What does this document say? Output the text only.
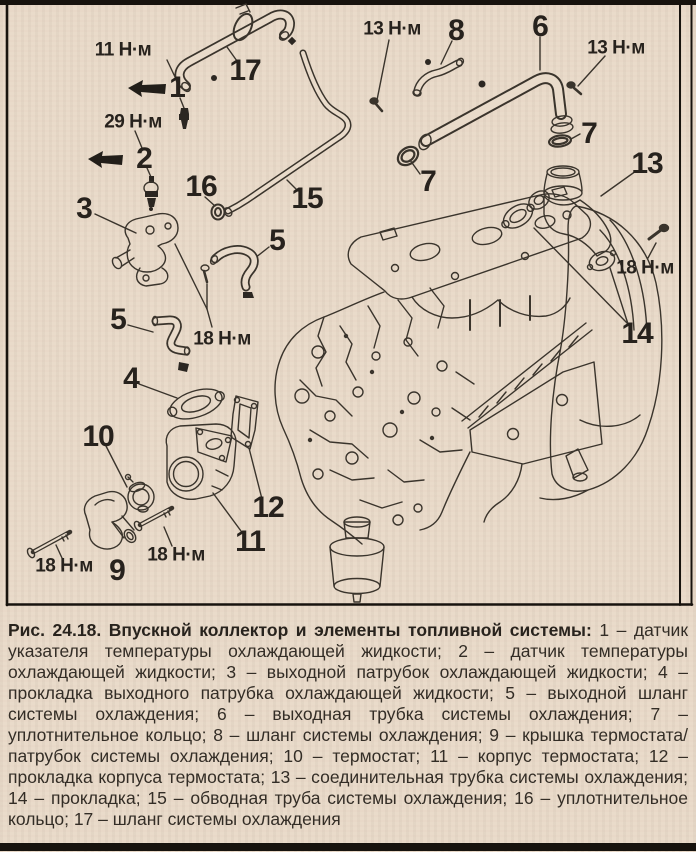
11 Н·м
1
29 Н·м
2
17
16 15
3
13 Н·м 8 6
13 Н·м
7
7
13
5
5
18 Н·м
4
18 Н·м
14
10
12
11
9
18 Н·м
18 Н·м
Рис. 24.18. Впускной коллектор и элементы топливной системы: 1 – датчик указателя температуры охлаждающей жидкости; 2 – датчик температуры охлаждающей жидкости; 3 – выходной патрубок охлаждающей жидкости; 4 – прокладка выходного патрубка охлаждающей жидкости; 5 – выходной шланг системы охлаждения; 6 – выходная трубка системы охлаждения; 7 – уплотнительное кольцо; 8 – шланг системы охлаждения; 9 – крышка термостата/патрубок системы охлаждения; 10 – термостат; 11 – корпус термостата; 12 – прокладка корпуса термостата; 13 – соединительная трубка системы охлаждения; 14 – прокладка; 15 – обводная труба системы охлаждения; 16 – уплотнительное кольцо; 17 – шланг системы охлаждения
